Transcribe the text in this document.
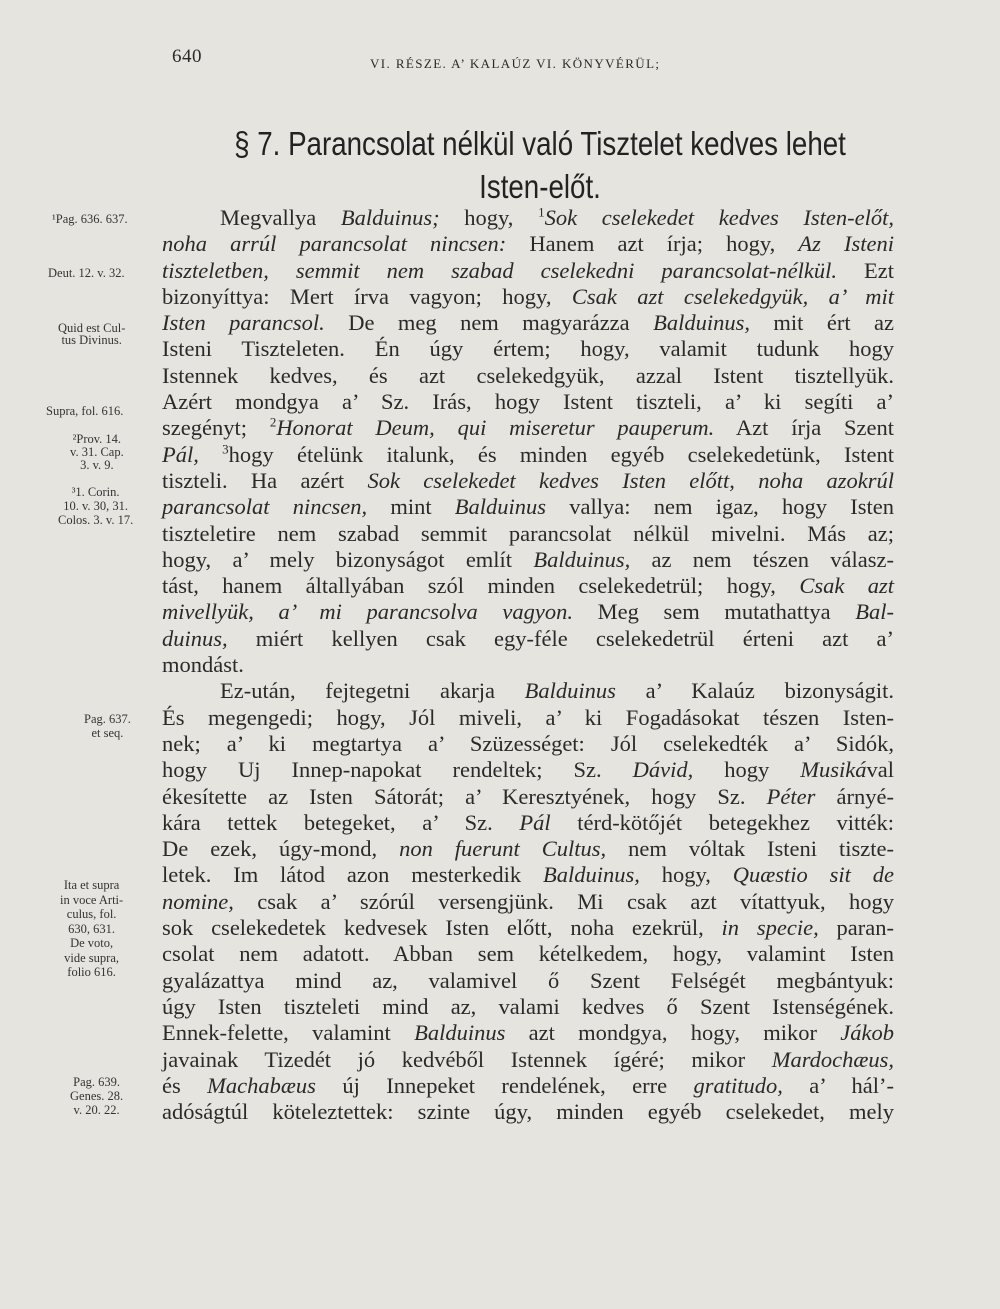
640	VI. RÉSZE. A’ KALAÚZ VI. KÖNYVÉRÜL;
§ 7. Parancsolat nélkül való Tisztelet kedves lehet
Isten-előt.
¹Pag. 636. 637.
Deut. 12. v. 32.
Quid est Cul-
tus Divinus.
Supra, fol. 616.
²Prov. 14.
v. 31. Cap.
3. v. 9.
³1. Corin.
10. v. 30, 31.
Colos. 3. v. 17.
Pag. 637.
et seq.
Ita et supra
in voce Arti-
culus, fol.
630, 631.
De voto,
vide supra,
folio 616.
Pag. 639.
Genes. 28.
v. 20. 22.
Megvallya Balduinus; hogy, $^1$Sok cselekedet kedves Isten-előt,
noha arrúl parancsolat nincsen: Hanem azt írja; hogy, Az Isteni
tiszteletben, semmit nem szabad cselekedni parancsolat-nélkül. Ezt
bizonyíttya: Mert írva vagyon; hogy, Csak azt cselekedgyük, a’ mit
Isten parancsol. De meg nem magyarázza Balduinus, mit ért az
Isteni Tiszteleten. Én úgy értem; hogy, valamit tudunk hogy
Istennek kedves, és azt cselekedgyük, azzal Istent tisztellyük.
Azért mondgya a’ Sz. Irás, hogy Istent tiszteli, a’ ki segíti a’
szegényt; $^2$Honorat Deum, qui miseretur pauperum. Azt írja Szent
Pál, $^3$hogy ételünk italunk, és minden egyéb cselekedetünk, Istent
tiszteli. Ha azért Sok cselekedet kedves Isten előtt, noha azokrúl
parancsolat nincsen, mint Balduinus vallya: nem igaz, hogy Isten
tiszteletire nem szabad semmit parancsolat nélkül mivelni. Más az;
hogy, a’ mely bizonyságot említ Balduinus, az nem tészen válasz-
tást, hanem általlyában szól minden cselekedetrül; hogy, Csak azt
mivellyük, a’ mi parancsolva vagyon. Meg sem mutathattya Bal-
duinus, miért kellyen csak egy-féle cselekedetrül érteni azt a’
mondást.
Ez-után, fejtegetni akarja Balduinus a’ Kalaúz bizonyságit.
És megengedi; hogy, Jól miveli, a’ ki Fogadásokat tészen Isten-
nek; a’ ki megtartya a’ Szüzességet: Jól cselekedték a’ Sidók,
hogy Uj Innep-napokat rendeltek; Sz. Dávid, hogy Musikával
ékesítette az Isten Sátorát; a’ Keresztyének, hogy Sz. Péter árnyé-
kára tettek betegeket, a’ Sz. Pál térd-kötőjét betegekhez vitték:
De ezek, úgy-mond, non fuerunt Cultus, nem vóltak Isteni tiszte-
letek. Im látod azon mesterkedik Balduinus, hogy, Quæstio sit de
nomine, csak a’ szórúl versengjünk. Mi csak azt vítattyuk, hogy
sok cselekedetek kedvesek Isten előtt, noha ezekrül, in specie, paran-
csolat nem adatott. Abban sem kételkedem, hogy, valamint Isten
gyalázattya mind az, valamivel ő Szent Felségét megbántyuk:
úgy Isten tiszteleti mind az, valami kedves ő Szent Istenségének.
Ennek-felette, valamint Balduinus azt mondgya, hogy, mikor Jákob
javainak Tizedét jó kedvéből Istennek ígéré; mikor Mardochæus,
és Machabæus új Innepeket rendelének, erre gratitudo, a’ hál’-
adóságtúl köteleztettek: szinte úgy, minden egyéb cselekedet, mely
